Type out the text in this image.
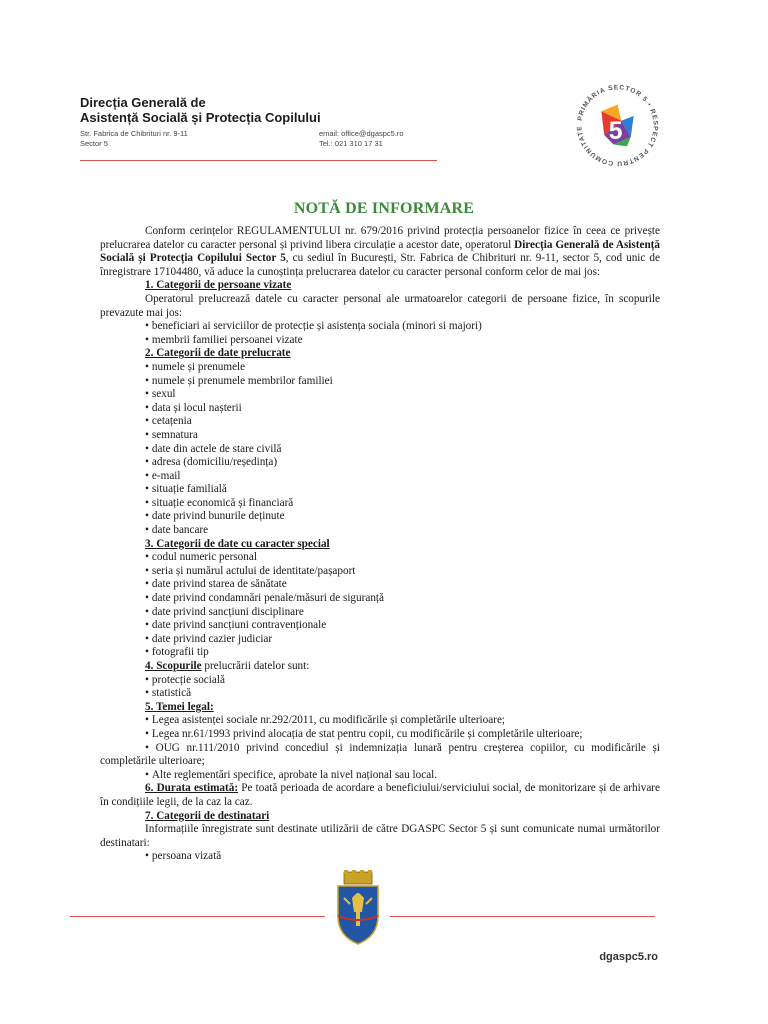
Direcția Generală de
Asistență Socială și Protecția Copilului
Str. Fabrica de Chibrituri nr. 9-11
Sector 5
email: office@dgaspc5.ro
Tel.: 021 310 17 31
PRIMĂRIA SECTOR 5 • RESPECT PENTRU COMUNITATE 5
NOTĂ DE INFORMARE

Conform cerințelor REGULAMENTULUI nr. 679/2016 privind protecția persoanelor fizice în ceea ce privește prelucrarea datelor cu caracter personal și privind libera circulație a acestor date, operatorul Direcția Generală de Asistență Socială și Protecția Copilului Sector 5, cu sediul în București, Str. Fabrica de Chibrituri nr. 9-11, sector 5, cod unic de înregistrare 17104480, vă aduce la cunoștința prelucrarea datelor cu caracter personal conform celor de mai jos:

1. Categorii de persoane vizate

Operatorul prelucrează datele cu caracter personal ale urmatoarelor categorii de persoane fizice, în scopurile prevazute mai jos:

• beneficiari ai serviciilor de protecție și asistența sociala (minori si majori)

• membrii familiei persoanei vizate

2. Categorii de date prelucrate

• numele și prenumele

• numele și prenumele membrilor familiei

• sexul

• data și locul nașterii

• cetațenia

• semnatura

• date din actele de stare civilă

• adresa (domiciliu/reședința)

• e-mail

• situație familială

• situație economică și financiară

• date privind bunurile deținute

• date bancare

3. Categorii de date cu caracter special

• codul numeric personal

• seria și numărul actului de identitate/pașaport

• date privind starea de sănătate

• date privind condamnări penale/măsuri de siguranță

• date privind sancțiuni disciplinare

• date privind sancțiuni contravenționale

• date privind cazier judiciar

• fotografii tip

4. Scopurile prelucrării datelor sunt:

• protecție socială

• statistică

5. Temei legal:

• Legea asistenței sociale nr.292/2011, cu modificările și completările ulterioare;

• Legea nr.61/1993 privind alocația de stat pentru copii, cu modificările și completările ulterioare;

• OUG nr.111/2010 privind concediul și indemnizația lunară pentru creșterea copiilor, cu modificările și completările ulterioare;

• Alte reglementări specifice, aprobate la nivel național sau local.

6. Durata estimată: Pe toată perioada de acordare a beneficiului/serviciului social, de monitorizare și de arhivare în condițiile legii, de la caz la caz.

7. Categorii de destinatari

Informațiile înregistrate sunt destinate utilizării de către DGASPC Sector 5 și sunt comunicate numai următorilor destinatari:

• persoana vizată

dgaspc5.ro
